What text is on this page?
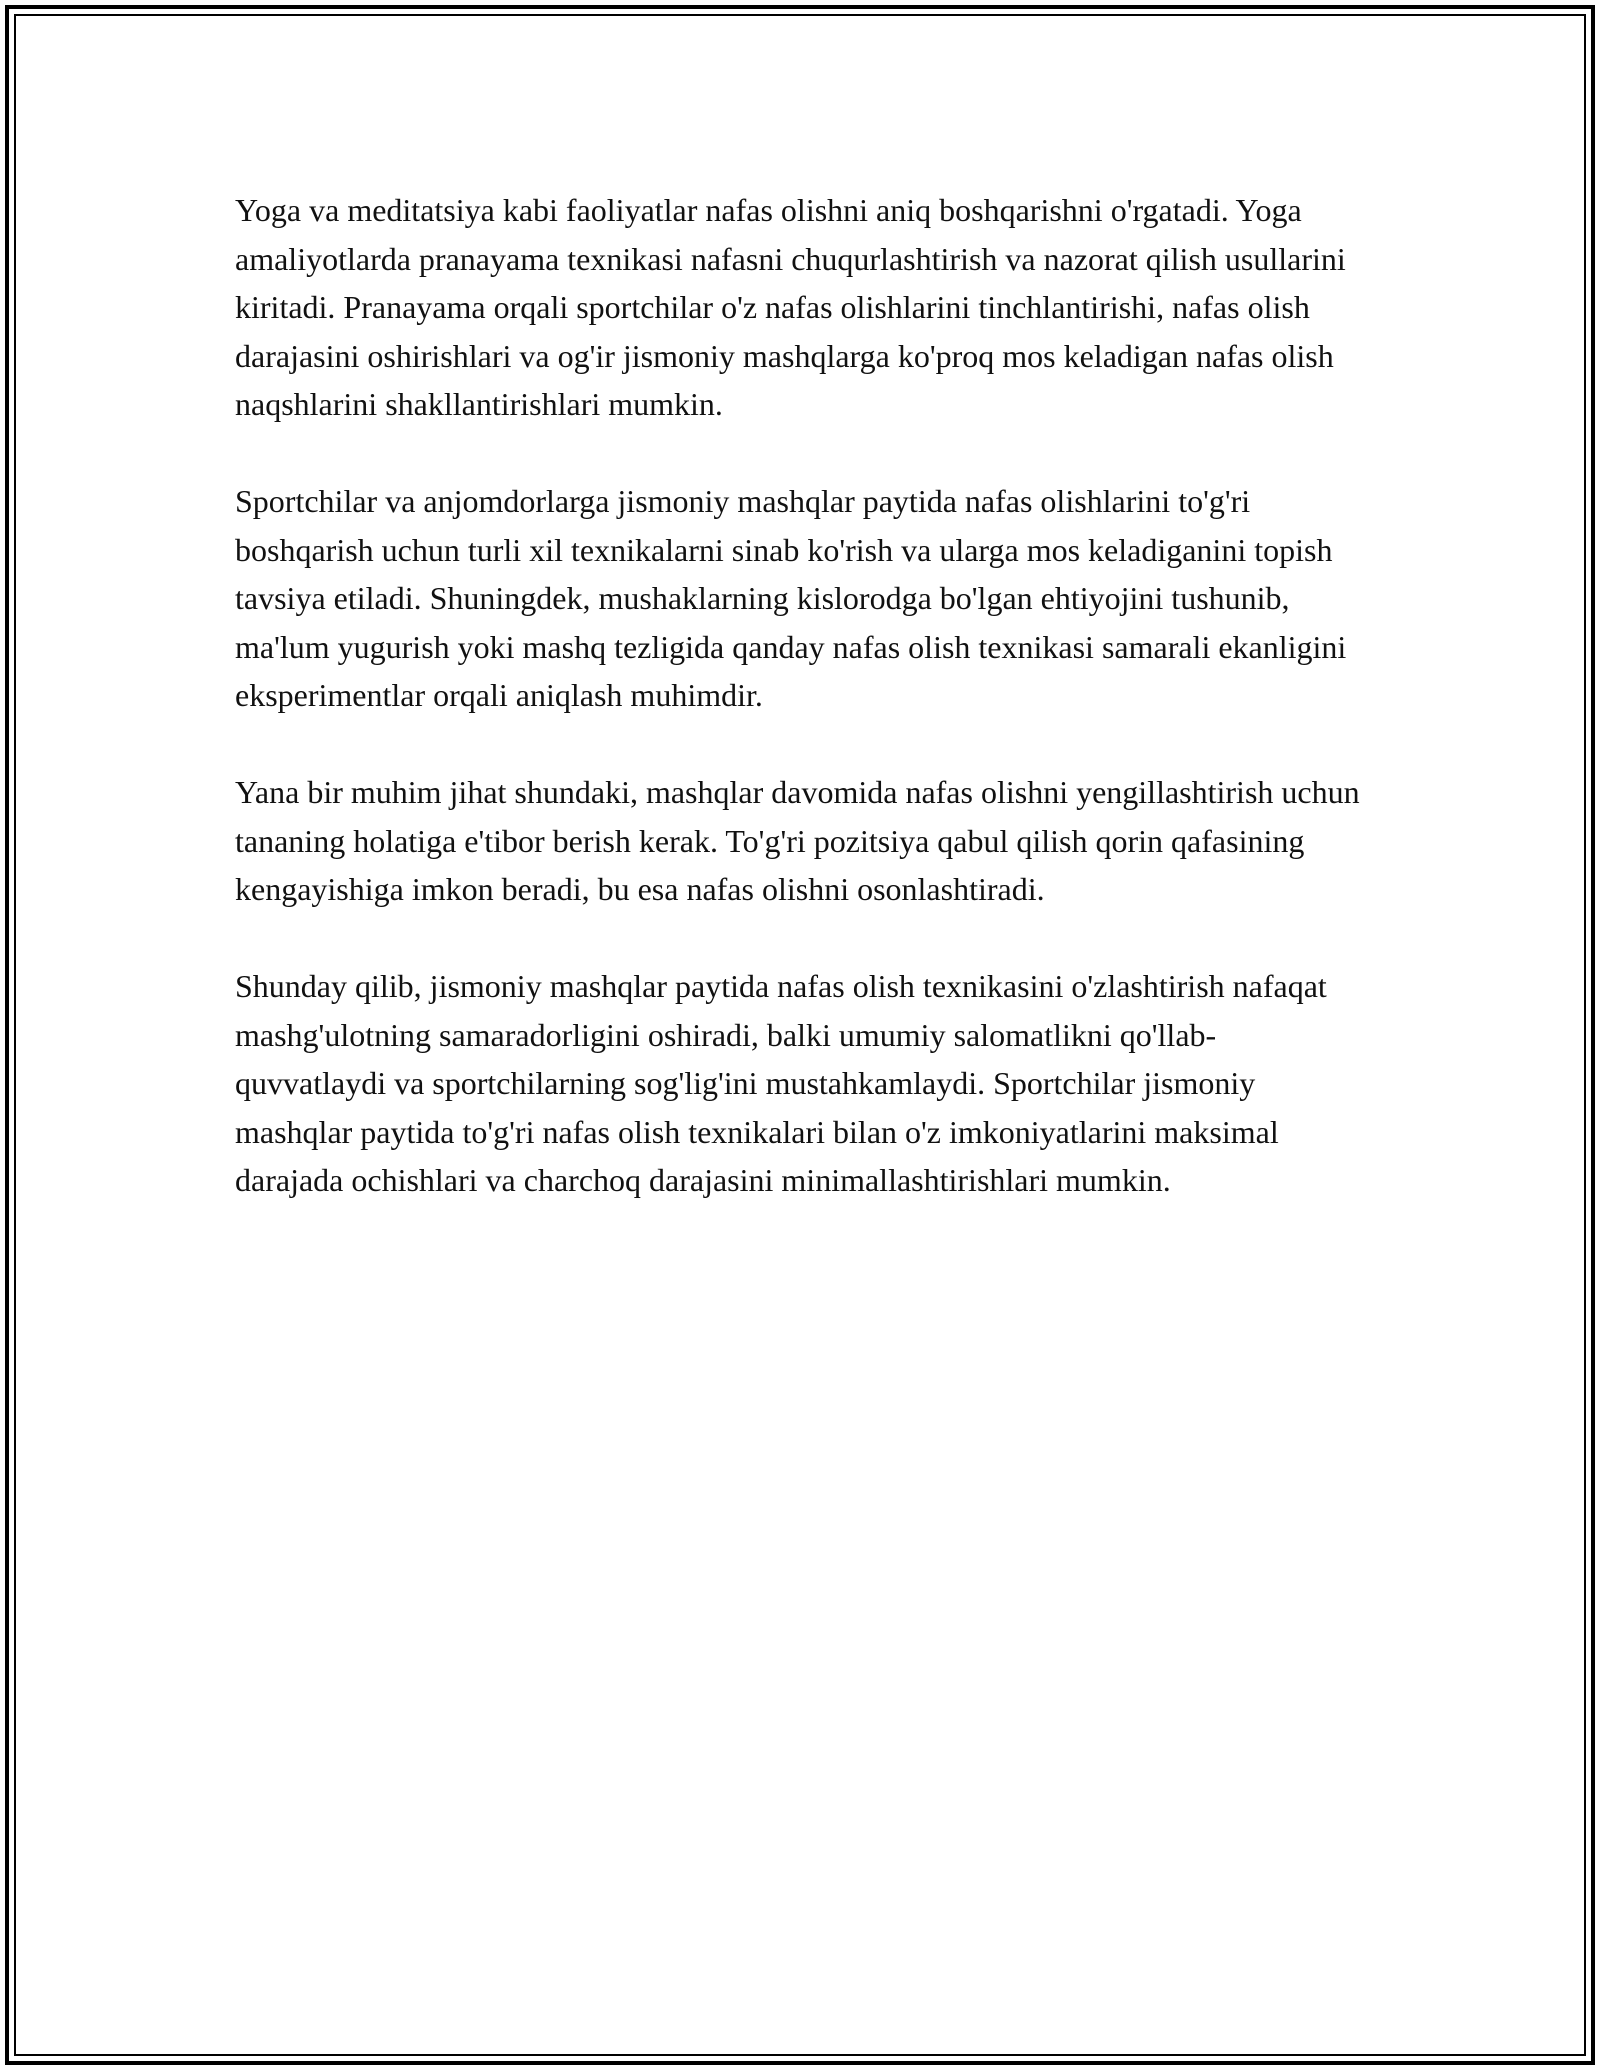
Yoga va meditatsiya kabi faoliyatlar nafas olishni aniq boshqarishni o'rgatadi. Yoga amaliyotlarda pranayama texnikasi nafasni chuqurlashtirish va nazorat qilish usullarini kiritadi. Pranayama orqali sportchilar o'z nafas olishlarini tinchlantirishi, nafas olish darajasini oshirishlari va og'ir jismoniy mashqlarga ko'proq mos keladigan nafas olish naqshlarini shakllantirishlari mumkin.

Sportchilar va anjomdorlarga jismoniy mashqlar paytida nafas olishlarini to'g'ri boshqarish uchun turli xil texnikalarni sinab ko'rish va ularga mos keladiganini topish tavsiya etiladi. Shuningdek, mushaklarning kislorodga bo'lgan ehtiyojini tushunib, ma'lum yugurish yoki mashq tezligida qanday nafas olish texnikasi samarali ekanligini eksperimentlar orqali aniqlash muhimdir.

Yana bir muhim jihat shundaki, mashqlar davomida nafas olishni yengillashtirish uchun tananing holatiga e'tibor berish kerak. To'g'ri pozitsiya qabul qilish qorin qafasining kengayishiga imkon beradi, bu esa nafas olishni osonlashtiradi.

Shunday qilib, jismoniy mashqlar paytida nafas olish texnikasini o'zlashtirish nafaqat mashg'ulotning samaradorligini oshiradi, balki umumiy salomatlikni qo'llab-quvvatlaydi va sportchilarning sog'lig'ini mustahkamlaydi. Sportchilar jismoniy mashqlar paytida to'g'ri nafas olish texnikalari bilan o'z imkoniyatlarini maksimal darajada ochishlari va charchoq darajasini minimallashtirishlari mumkin.
